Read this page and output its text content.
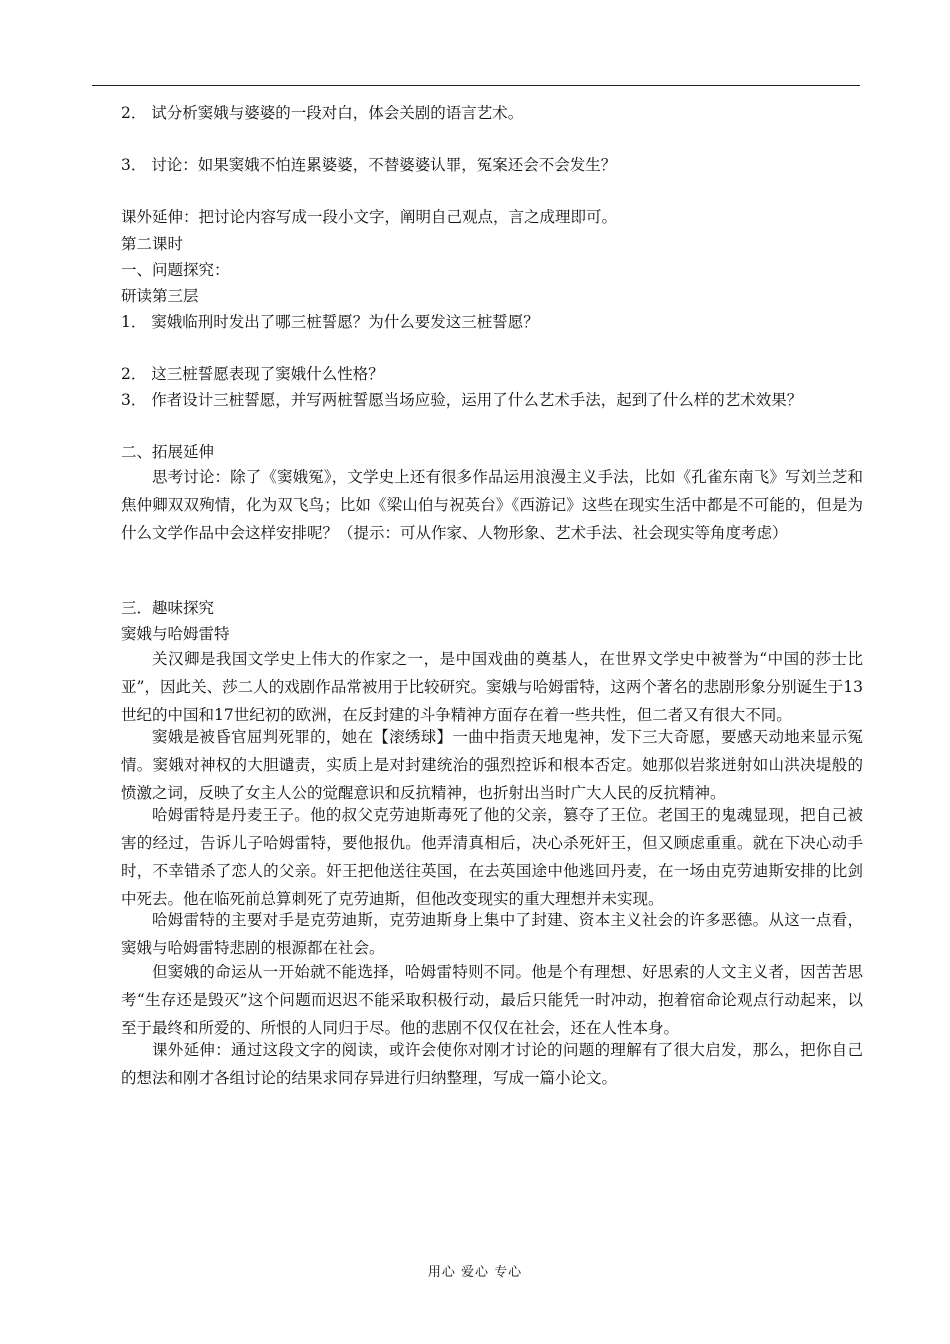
2． 试分析窦娥与婆婆的一段对白，体会关剧的语言艺术。
3． 讨论：如果窦娥不怕连累婆婆，不替婆婆认罪，冤案还会不会发生？
课外延伸：把讨论内容写成一段小文字，阐明自己观点，言之成理即可。
第二课时
一、问题探究：
研读第三层
1． 窦娥临刑时发出了哪三桩誓愿？为什么要发这三桩誓愿？
2． 这三桩誓愿表现了窦娥什么性格？
3． 作者设计三桩誓愿，并写两桩誓愿当场应验，运用了什么艺术手法，起到了什么样的艺术效果？
二、拓展延伸
思考讨论：除了《窦娥冤》，文学史上还有很多作品运用浪漫主义手法，比如《孔雀东南飞》写刘兰芝和焦仲卿双双殉情，化为双飞鸟；比如《梁山伯与祝英台》《西游记》这些在现实生活中都是不可能的，但是为什么文学作品中会这样安排呢？（提示：可从作家、人物形象、艺术手法、社会现实等角度考虑）
三．趣味探究
窦娥与哈姆雷特
关汉卿是我国文学史上伟大的作家之一，是中国戏曲的奠基人，在世界文学史中被誉为“中国的莎士比亚”，因此关、莎二人的戏剧作品常被用于比较研究。窦娥与哈姆雷特，这两个著名的悲剧形象分别诞生于13世纪的中国和17世纪初的欧洲，在反封建的斗争精神方面存在着一些共性，但二者又有很大不同。
窦娥是被昏官屈判死罪的，她在【滚绣球】一曲中指责天地鬼神，发下三大奇愿，要感天动地来显示冤情。窦娥对神权的大胆谴责，实质上是对封建统治的强烈控诉和根本否定。她那似岩浆迸射如山洪决堤般的愤激之词，反映了女主人公的觉醒意识和反抗精神，也折射出当时广大人民的反抗精神。
哈姆雷特是丹麦王子。他的叔父克劳迪斯毒死了他的父亲，篡夺了王位。老国王的鬼魂显现，把自己被害的经过，告诉儿子哈姆雷特，要他报仇。他弄清真相后，决心杀死奸王，但又顾虑重重。就在下决心动手时，不幸错杀了恋人的父亲。奸王把他送往英国，在去英国途中他逃回丹麦，在一场由克劳迪斯安排的比剑中死去。他在临死前总算刺死了克劳迪斯，但他改变现实的重大理想并未实现。
哈姆雷特的主要对手是克劳迪斯，克劳迪斯身上集中了封建、资本主义社会的许多恶德。从这一点看，窦娥与哈姆雷特悲剧的根源都在社会。
但窦娥的命运从一开始就不能选择，哈姆雷特则不同。他是个有理想、好思索的人文主义者，因苦苦思考“生存还是毁灭”这个问题而迟迟不能采取积极行动，最后只能凭一时冲动，抱着宿命论观点行动起来，以至于最终和所爱的、所恨的人同归于尽。他的悲剧不仅仅在社会，还在人性本身。
课外延伸：通过这段文字的阅读，或许会使你对刚才讨论的问题的理解有了很大启发，那么，把你自己的想法和刚才各组讨论的结果求同存异进行归纳整理，写成一篇小论文。
用心 爱心 专心
